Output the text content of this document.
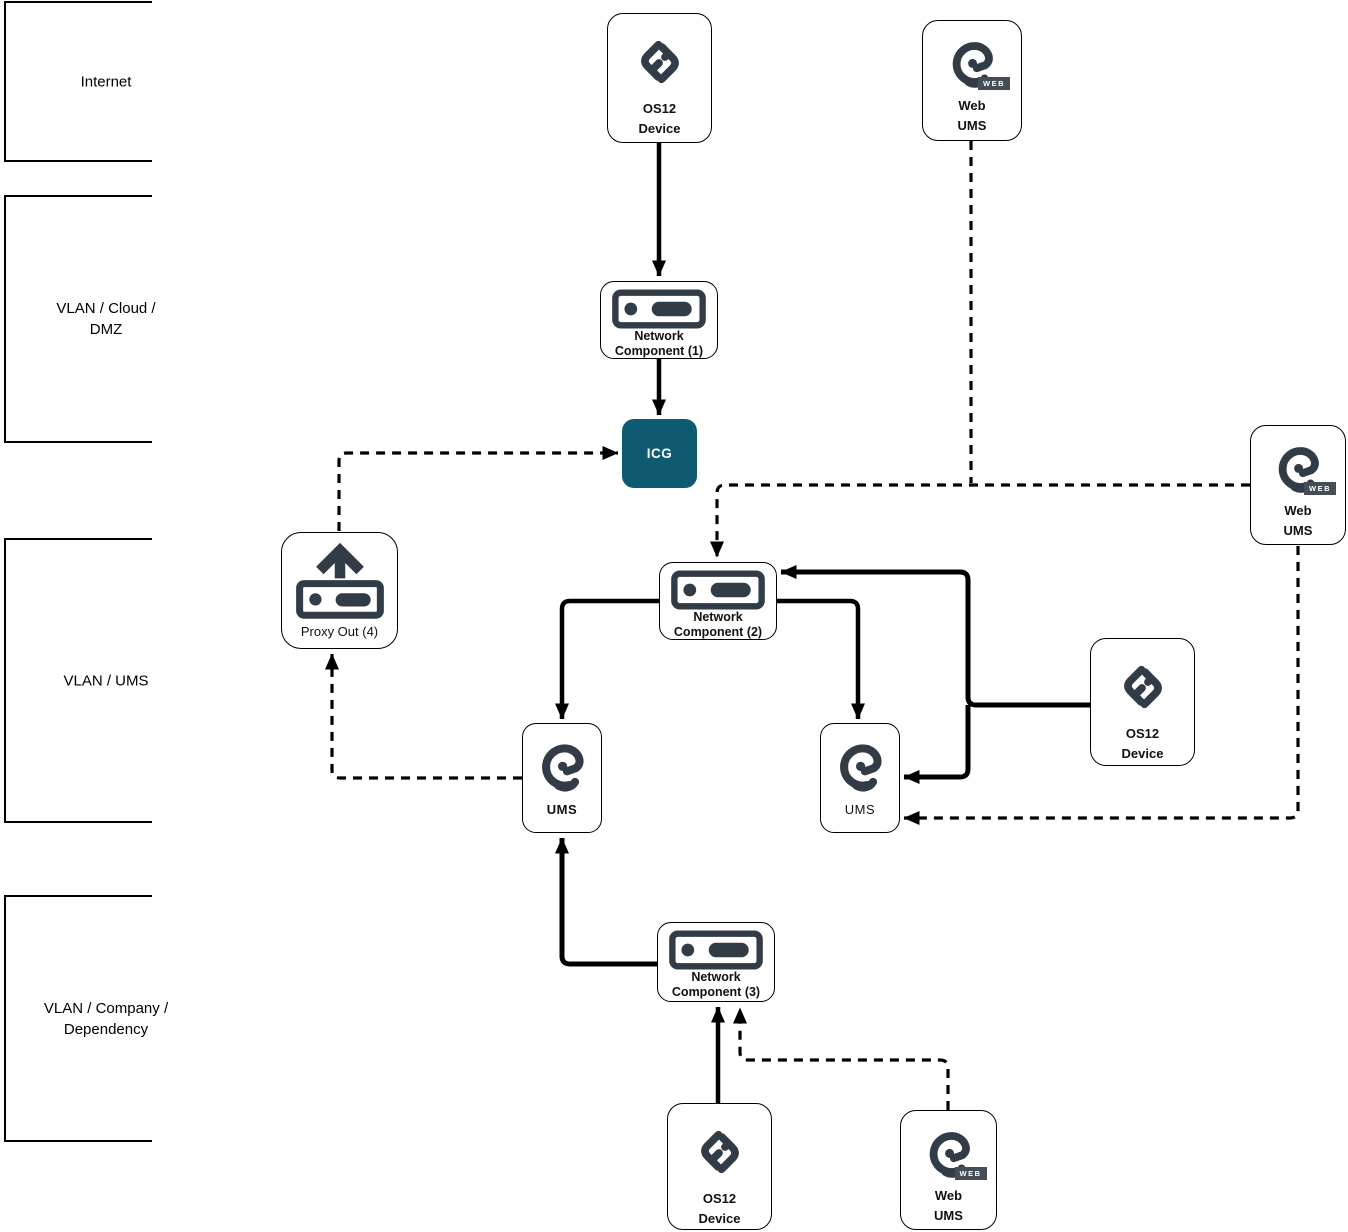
Internet
VLAN / Cloud /
DMZ
VLAN / UMS
VLAN / Company /
Dependency
OS12
Device
WEB
Web
UMS
Network
Component (1)
ICG
WEB
Web
UMS
Proxy Out (4)
Network
Component (2)
OS12
Device
UMS	UMS
Network
Component (3)
OS12
Device
WEB
Web
UMS
